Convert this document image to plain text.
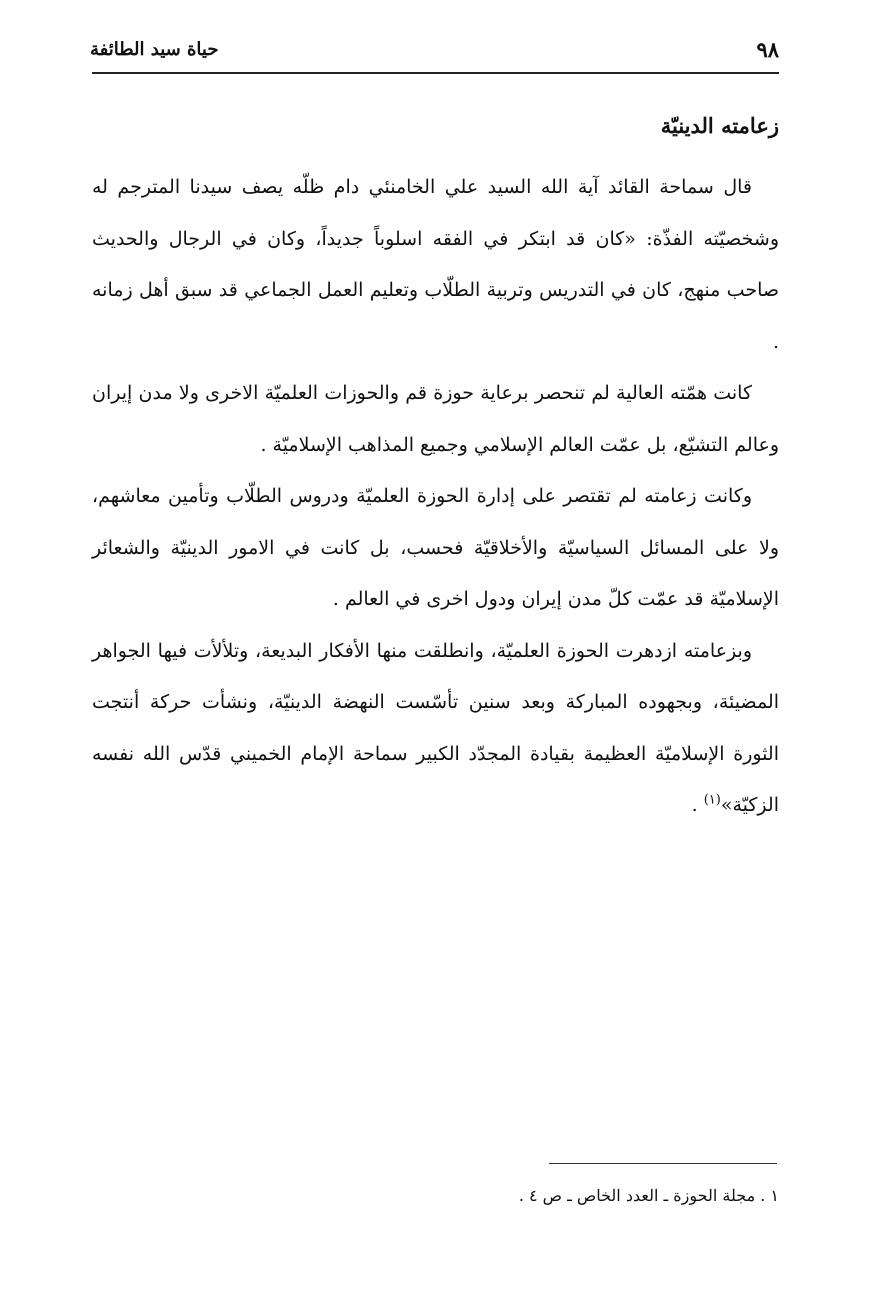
٩٨
حياة سيد الطائفة
زعامته الدينيّة

قال سماحة القائد آية الله السيد علي الخامنئي دام ظلّه يصف سيدنا المترجم له وشخصيّته الفذّة: «كان قد ابتكر في الفقه اسلوباً جديداً، وكان في الرجال والحديث صاحب منهج، كان في التدريس وتربية الطلّاب وتعليم العمل الجماعي قد سبق أهل زمانه .

كانت همّته العالية لم تنحصر برعاية حوزة قم والحوزات العلميّة الاخرى ولا مدن إيران وعالم التشيّع، بل عمّت العالم الإسلامي وجميع المذاهب الإسلاميّة .

وكانت زعامته لم تقتصر على إدارة الحوزة العلميّة ودروس الطلّاب وتأمين معاشهم، ولا على المسائل السياسيّة والأخلاقيّة فحسب، بل كانت في الامور الدينيّة والشعائر الإسلاميّة قد عمّت كلّ مدن إيران ودول اخرى في العالم .

وبزعامته ازدهرت الحوزة العلميّة، وانطلقت منها الأفكار البديعة، وتلألأت فيها الجواهر المضيئة، وبجهوده المباركة وبعد سنين تأسّست النهضة الدينيّة، ونشأت حركة أنتجت الثورة الإسلاميّة العظيمة بقيادة المجدّد الكبير سماحة الإمام الخميني قدّس الله نفسه الزكيّة»$^{(١)}$ .

١ . مجلة الحوزة ـ العدد الخاص ـ ص ٤ .
